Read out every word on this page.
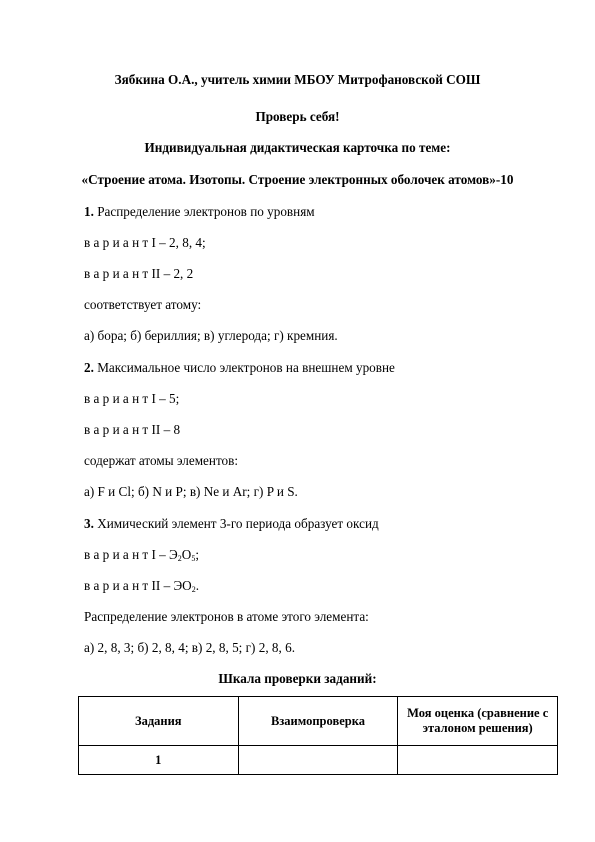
Зябкина О.А., учитель химии МБОУ Митрофановской СОШ
Проверь себя!
Индивидуальная дидактическая карточка по теме:
«Строение атома. Изотопы. Строение электронных оболочек атомов»-10
1. Распределение электронов по уровням
в а р и а н т I – 2, 8, 4;
в а р и а н т II – 2, 2
соответствует атому:
а) бора; б) бериллия; в) углерода; г) кремния.
2. Максимальное число электронов на внешнем уровне
в а р и а н т I – 5;
в а р и а н т II – 8
содержат атомы элементов:
а) F и Cl; б) N и P; в) Ne и Ar; г) P и S.
3. Химический элемент 3-го периода образует оксид
в а р и а н т I – $Э_2O_5$;
в а р и а н т II – $ЭO_2$.
Распределение электронов в атоме этого элемента:
а) 2, 8, 3; б) 2, 8, 4; в) 2, 8, 5; г) 2, 8, 6.
Шкала проверки заданий:
Задания	Взаимопроверка	Моя оценка (сравнение с эталоном решения)
1		
